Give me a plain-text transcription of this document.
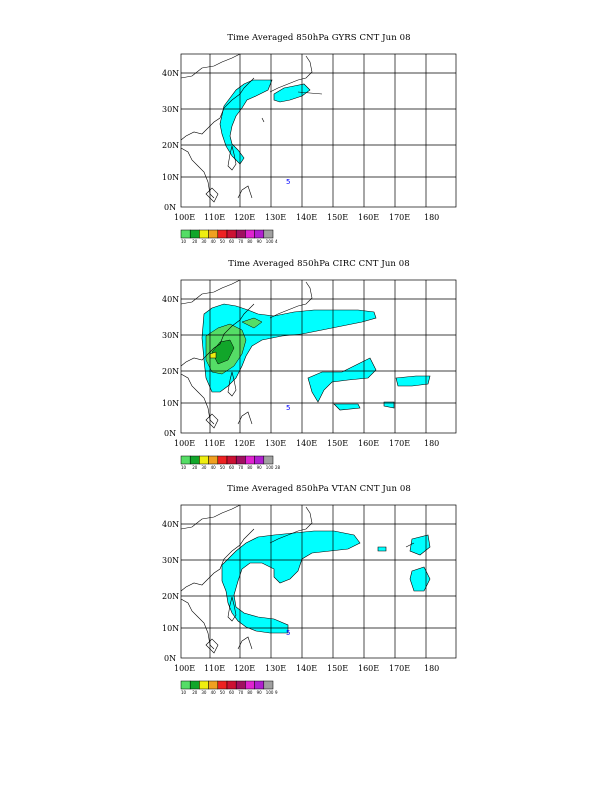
Time Averaged 850hPa GYRS CNT Jun 08
5
40N
30N
20N
10N
0N
100E 110E 120E 130E 140E 150E 160E 170E 180
10 20 30 40 50 60 70 80 90 100 4
Time Averaged 850hPa CIRC CNT Jun 08
5
40N
30N
20N
10N
0N
100E 110E 120E 130E 140E 150E 160E 170E 180
10 20 30 40 50 60 70 80 90 100 28
Time Averaged 850hPa VTAN CNT Jun 08
5
40N
30N
20N
10N
0N
100E 110E 120E 130E 140E 150E 160E 170E 180
10 20 30 40 50 60 70 80 90 100 9
